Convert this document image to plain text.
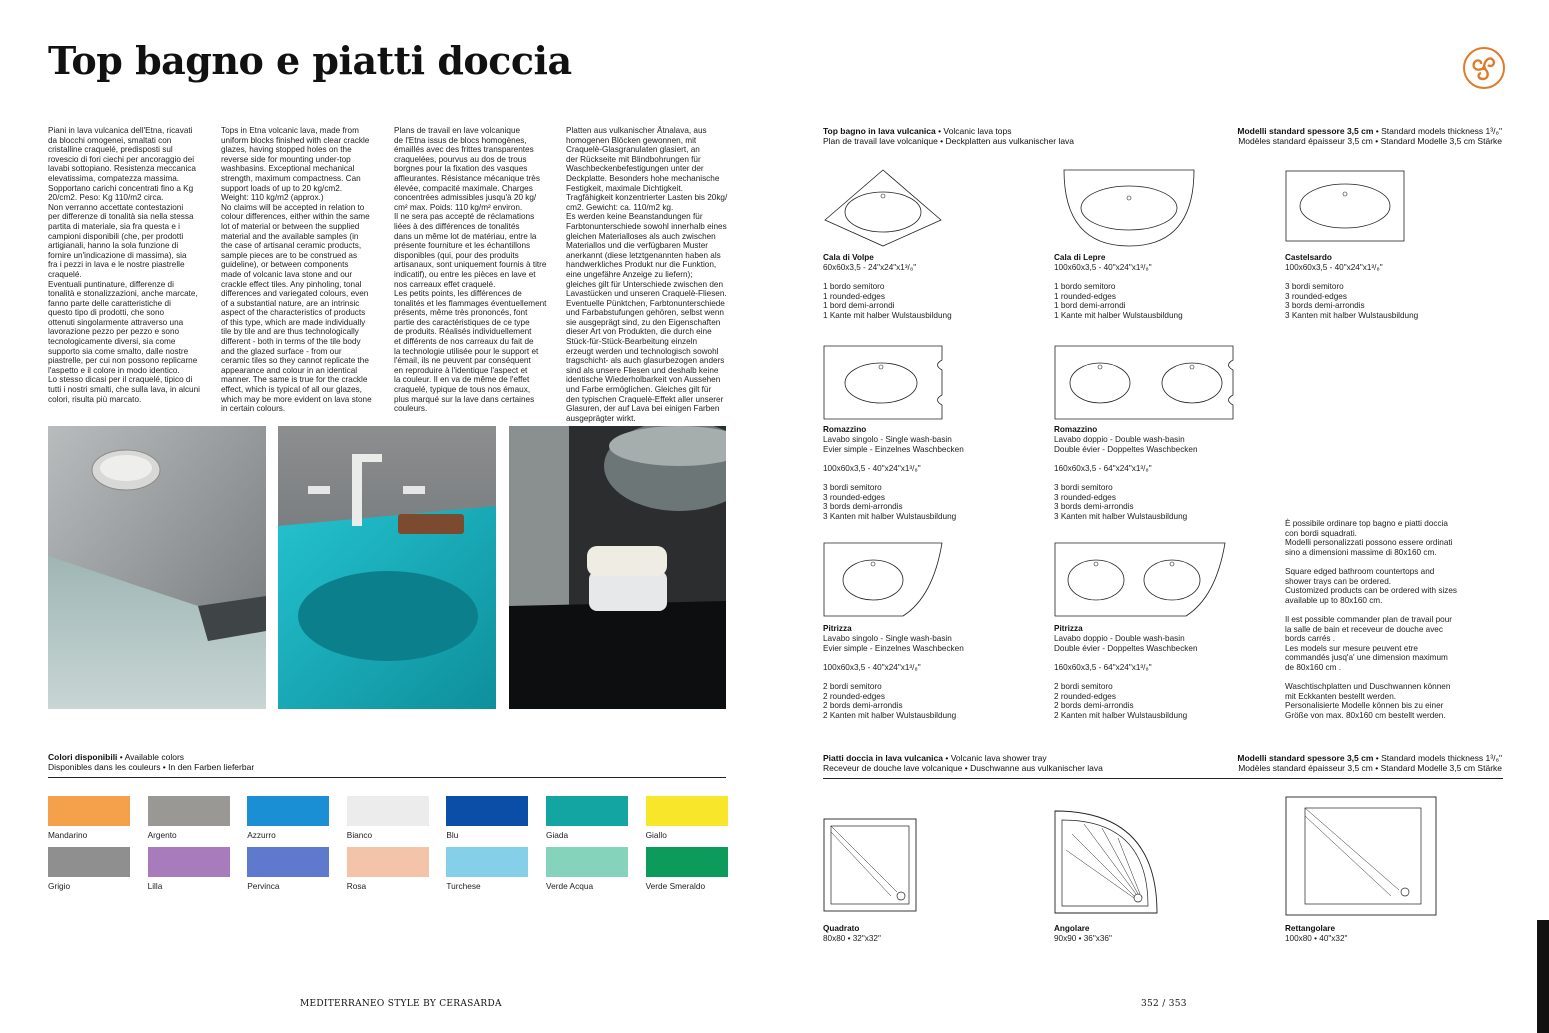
Top bagno e piatti doccia

Piani in lava vulcanica dell'Etna, ricavati
da blocchi omogenei, smaltati con
cristalline craquelé, predisposti sul
rovescio di fori ciechi per ancoraggio dei
lavabi sottopiano. Resistenza meccanica
elevatissima, compatezza massima.
Sopportano carichi concentrati fino a Kg
20/cm2. Peso: Kg 110/m2 circa.
Non verranno accettate contestazioni
per differenze di tonalità sia nella stessa
partita di materiale, sia fra questa e i
campioni disponibili (che, per prodotti
artigianali, hanno la sola funzione di
fornire un'indicazione di massima), sia
fra i pezzi in lava e le nostre piastrelle
craquelé.
Eventuali puntinature, differenze di
tonalità e stonalizzazioni, anche marcate,
fanno parte delle caratteristiche di
questo tipo di prodotti, che sono
ottenuti singolarmente attraverso una
lavorazione pezzo per pezzo e sono
tecnologicamente diversi, sia come
supporto sia come smalto, dalle nostre
piastrelle, per cui non possono replicarne
l'aspetto e il colore in modo identico.
Lo stesso dicasi per il craquelé, tipico di
tutti i nostri smalti, che sulla lava, in alcuni
colori, risulta più marcato.

Tops in Etna volcanic lava, made from
uniform blocks finished with clear crackle
glazes, having stopped holes on the
reverse side for mounting under-top
washbasins. Exceptional mechanical
strength, maximum compactness. Can
support loads of up to 20 kg/cm2.
Weight: 110 kg/m2 (approx.)
No claims will be accepted in relation to
colour differences, either within the same
lot of material or between the supplied
material and the available samples (in
the case of artisanal ceramic products,
sample pieces are to be construed as
guideline), or between components
made of volcanic lava stone and our
crackle effect tiles. Any pinholing, tonal
differences and variegated colours, even
of a substantial nature, are an intrinsic
aspect of the characteristics of products
of this type, which are made individually
tile by tile and are thus technologically
different - both in terms of the tile body
and the glazed surface - from our
ceramic tiles so they cannot replicate the
appearance and colour in an identical
manner. The same is true for the crackle
effect, which is typical of all our glazes,
which may be more evident on lava stone
in certain colours.

Plans de travail en lave volcanique
de l'Etna issus de blocs homogènes,
émaillés avec des frittes transparentes
craquelées, pourvus au dos de trous
borgnes pour la fixation des vasques
affleurantes. Résistance mécanique très
élevée, compacité maximale. Charges
concentrées admissibles jusqu'à 20 kg/
cm² max. Poids: 110 kg/m² environ.
Il ne sera pas accepté de réclamations
liées à des différences de tonalités
dans un même lot de matériau, entre la
présente fourniture et les échantillons
disponibles (qui, pour des produits
artisanaux, sont uniquement fournis à titre
indicatif), ou entre les pièces en lave et
nos carreaux effet craquelé.
Les petits points, les différences de
tonalités et les flammages éventuellement
présents, même très prononcés, font
partie des caractéristiques de ce type
de produits. Réalisés individuellement
et différents de nos carreaux du fait de
la technologie utilisée pour le support et
l'émail, ils ne peuvent par conséquent
en reproduire à l'identique l'aspect et
la couleur. Il en va de même de l'effet
craquelé, typique de tous nos émaux,
plus marqué sur la lave dans certaines
couleurs.

Platten aus vulkanischer Ätnalava, aus
homogenen Blöcken gewonnen, mit
Craquelè-Glasgranulaten glasiert, an
der Rückseite mit Blindbohrungen für
Waschbeckenbefestigungen unter der
Deckplatte. Besonders hohe mechanische
Festigkeit, maximale Dichtigkeit.
Tragfähigkeit konzentrierter Lasten bis 20kg/
cm2. Gewicht: ca. 110/m2 kg.
Es werden keine Beanstandungen für
Farbtonunterschiede sowohl innerhalb eines
gleichen Materialloses als auch zwischen
Materiallos und die verfügbaren Muster
anerkannt (diese letztgenannten haben als
handwerkliches Produkt nur die Funktion,
eine ungefähre Anzeige zu liefern);
gleiches gilt für Unterschiede zwischen den
Lavastücken und unseren Craquelè-Fliesen.
Eventuelle Pünktchen, Farbtonunterschiede
und Farbabstufungen gehören, selbst wenn
sie ausgeprägt sind, zu den Eigenschaften
dieser Art von Produkten, die durch eine
Stück-für-Stück-Bearbeitung einzeln
erzeugt werden und technologisch sowohl
tragschicht- als auch glasurbezogen anders
sind als unsere Fliesen und deshalb keine
identische Wiederholbarkeit von Aussehen
und Farbe ermöglichen. Gleiches gilt für
den typischen Craquelè-Effekt aller unserer
Glasuren, der auf Lava bei einigen Farben
ausgeprägter wirkt.

Colori disponibili • Available colors
Disponibles dans les couleurs • In den Farben lieferbar
Mandarino	Argento	Azzurro	Bianco	Blu	Giada	Giallo
Grigio	Lilla	Pervinca	Rosa	Turchese	Verde Acqua	Verde Smeraldo
Top bagno in lava vulcanica • Volcanic lava tops
Plan de travail lave volcanique • Deckplatten aus vulkanischer lava
Modelli standard spessore 3,5 cm • Standard models thickness 1³/₈"
Modèles standard épaisseur 3,5 cm • Standard Modelle 3,5 cm Stärke
Cala di Volpe
60x60x3,5 - 24"x24"x1³/₈"

1 bordo semitoro
1 rounded-edges
1 bord demi-arrondi
1 Kante mit halber Wulstausbildung
Cala di Lepre
100x60x3,5 - 40"x24"x1³/₈"

1 bordo semitoro
1 rounded-edges
1 bord demi-arrondi
1 Kante mit halber Wulstausbildung
Castelsardo
100x60x3,5 - 40"x24"x1³/₈"

3 bordi semitoro
3 rounded-edges
3 bords demi-arrondis
3 Kanten mit halber Wulstausbildung
Romazzino
Lavabo singolo - Single wash-basin
Evier simple - Einzelnes Waschbecken

100x60x3,5 - 40"x24"x1³/₈"

3 bordi semitoro
3 rounded-edges
3 bords demi-arrondis
3 Kanten mit halber Wulstausbildung
Romazzino
Lavabo doppio - Double wash-basin
Double évier - Doppeltes Waschbecken

160x60x3,5 - 64"x24"x1³/₈"

3 bordi semitoro
3 rounded-edges
3 bords demi-arrondis
3 Kanten mit halber Wulstausbildung
Pitrizza
Lavabo singolo - Single wash-basin
Evier simple - Einzelnes Waschbecken

100x60x3,5 - 40"x24"x1³/₈"

2 bordi semitoro
2 rounded-edges
2 bords demi-arrondis
2 Kanten mit halber Wulstausbildung
Pitrizza
Lavabo doppio - Double wash-basin
Double évier - Doppeltes Waschbecken

160x60x3,5 - 64"x24"x1³/₈"

2 bordi semitoro
2 rounded-edges
2 bords demi-arrondis
2 Kanten mit halber Wulstausbildung
È possibile ordinare top bagno e piatti doccia
con bordi squadrati.
Modelli personalizzati possono essere ordinati
sino a dimensioni massime di 80x160 cm.

Square edged bathroom countertops and
shower trays can be ordered.
Customized products can be ordered with sizes
available up to 80x160 cm.

Il est possible commander plan de travail pour
la salle de bain et receveur de douche avec
bords carrés .
Les models sur mesure peuvent etre
commandés jusq'a' une dimension maximum
de 80x160 cm .

Waschtischplatten und Duschwannen können
mit Eckkanten bestellt werden.
Personalisierte Modelle können bis zu einer
Größe von max. 80x160 cm bestellt werden.
Piatti doccia in lava vulcanica • Volcanic lava shower tray
Receveur de douche lave volcanique • Duschwanne aus vulkanischer lava
Modelli standard spessore 3,5 cm • Standard models thickness 1³/₈"
Modèles standard épaisseur 3,5 cm • Standard Modelle 3,5 cm Stärke
Quadrato
80x80 • 32"x32"
Angolare
90x90 • 36"x36"
Rettangolare
100x80 • 40"x32"
MEDITERRANEO STYLE BY CERASARDA	352 / 353
